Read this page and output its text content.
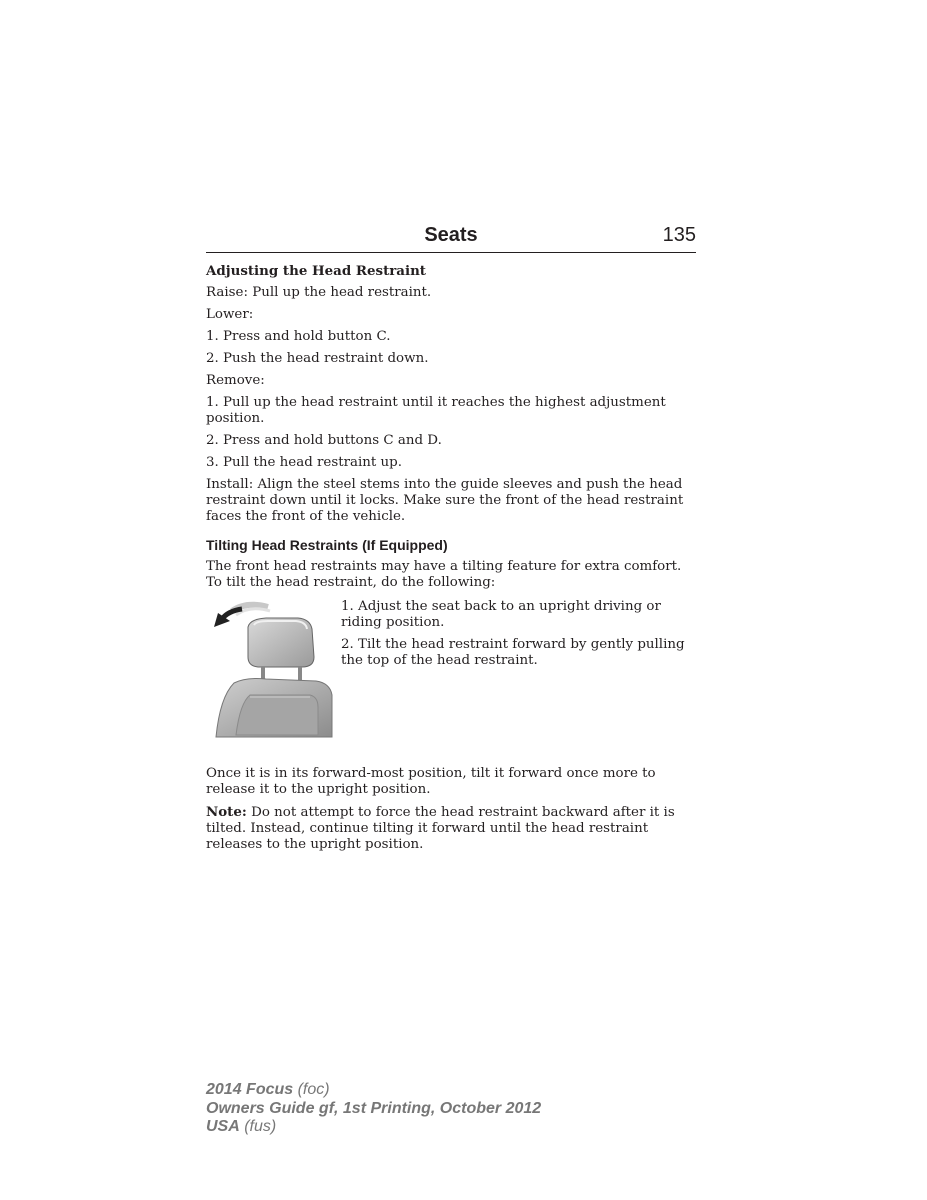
Seats	135

Adjusting the Head Restraint

Raise: Pull up the head restraint.

Lower:

1. Press and hold button C.

2. Push the head restraint down.

Remove:

1. Pull up the head restraint until it reaches the highest adjustment position.

2. Press and hold buttons C and D.

3. Pull the head restraint up.

Install: Align the steel stems into the guide sleeves and push the head restraint down until it locks. Make sure the front of the head restraint faces the front of the vehicle.

Tilting Head Restraints (If Equipped)

The front head restraints may have a tilting feature for extra comfort. To tilt the head restraint, do the following:

1. Adjust the seat back to an upright driving or riding position.

2. Tilt the head restraint forward by gently pulling the top of the head restraint.

Once it is in its forward-most position, tilt it forward once more to release it to the upright position.

Note: Do not attempt to force the head restraint backward after it is tilted. Instead, continue tilting it forward until the head restraint releases to the upright position.

2014 Focus (foc)
Owners Guide gf, 1st Printing, October 2012
USA (fus)
